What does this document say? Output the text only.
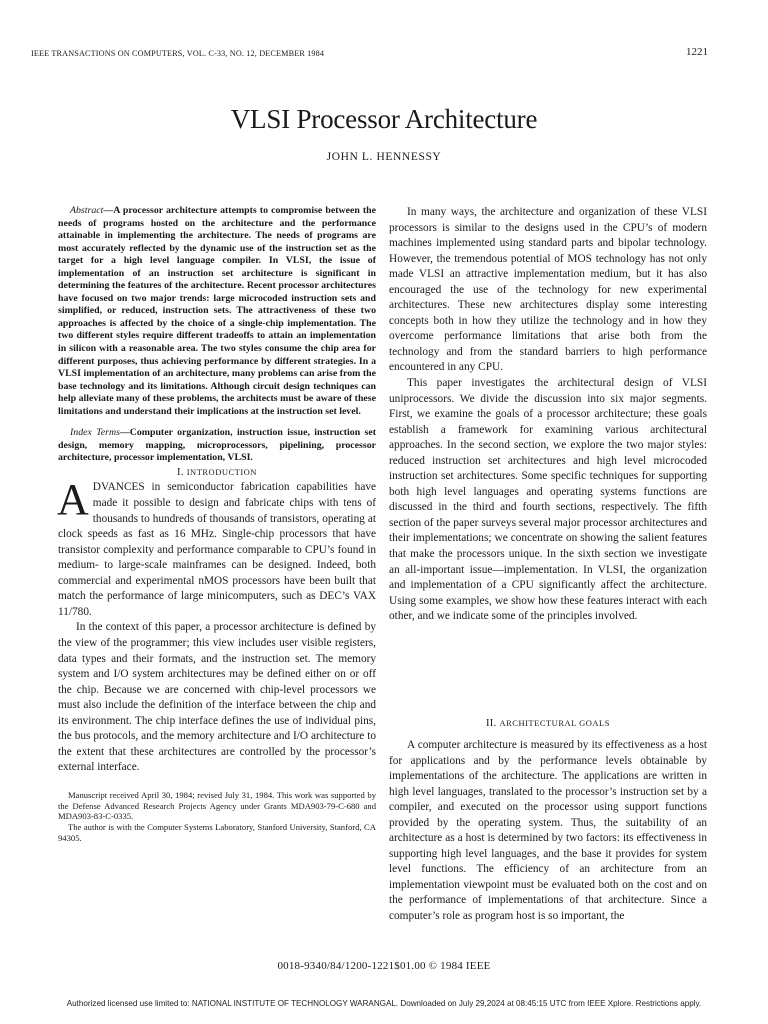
IEEE TRANSACTIONS ON COMPUTERS, VOL. C-33, NO. 12, DECEMBER 1984	1221
VLSI Processor Architecture
JOHN L. HENNESSY

Abstract—A processor architecture attempts to compromise between the needs of programs hosted on the architecture and the performance attainable in implementing the architecture. The needs of programs are most accurately reflected by the dynamic use of the instruction set as the target for a high level language compiler. In VLSI, the issue of implementation of an instruction set architecture is significant in determining the features of the architecture. Recent processor architectures have focused on two major trends: large microcoded instruction sets and simplified, or reduced, instruction sets. The attractiveness of these two approaches is affected by the choice of a single-chip implementation. The two different styles require different tradeoffs to attain an implementation in silicon with a reasonable area. The two styles consume the chip area for different purposes, thus achieving performance by different strategies. In a VLSI implementation of an architecture, many problems can arise from the base technology and its limitations. Although circuit design techniques can help alleviate many of these problems, the architects must be aware of these limitations and understand their implications at the instruction set level.

Index Terms—Computer organization, instruction issue, instruction set design, memory mapping, microprocessors, pipelining, processor architecture, processor implementation, VLSI.

I. INTRODUCTION

ADVANCES in semiconductor fabrication capabilities have made it possible to design and fabricate chips with tens of thousands to hundreds of thousands of transistors, operating at clock speeds as fast as 16 MHz. Single-chip processors that have transistor complexity and performance comparable to CPU’s found in medium- to large-scale mainframes can be designed. Indeed, both commercial and experimental nMOS processors have been built that match the performance of large minicomputers, such as DEC’s VAX 11/780.

In the context of this paper, a processor architecture is defined by the view of the programmer; this view includes user visible registers, data types and their formats, and the instruction set. The memory system and I/O system architectures may be defined either on or off the chip. Because we are concerned with chip-level processors we must also include the definition of the interface between the chip and its environment. The chip interface defines the use of individual pins, the bus protocols, and the memory architecture and I/O architecture to the extent that these architectures are controlled by the processor’s external interface.

Manuscript received April 30, 1984; revised July 31, 1984. This work was supported by the Defense Advanced Research Projects Agency under Grants MDA903-79-C-680 and MDA903-83-C-0335.

The author is with the Computer Systems Laboratory, Stanford University, Stanford, CA 94305.

In many ways, the architecture and organization of these VLSI processors is similar to the designs used in the CPU’s of modern machines implemented using standard parts and bipolar technology. However, the tremendous potential of MOS technology has not only made VLSI an attractive implementation medium, but it has also encouraged the use of the technology for new experimental architectures. These new architectures display some interesting concepts both in how they utilize the technology and in how they overcome performance limitations that arise both from the technology and from the standard barriers to high performance encountered in any CPU.

This paper investigates the architectural design of VLSI uniprocessors. We divide the discussion into six major segments. First, we examine the goals of a processor architecture; these goals establish a framework for examining various architectural approaches. In the second section, we explore the two major styles: reduced instruction set architectures and high level microcoded instruction set architectures. Some specific techniques for supporting both high level languages and operating systems functions are discussed in the third and fourth sections, respectively. The fifth section of the paper surveys several major processor architectures and their implementations; we concentrate on showing the salient features that make the processors unique. In the sixth section we investigate an all-important issue—implementation. In VLSI, the organization and implementation of a CPU significantly affect the architecture. Using some examples, we show how these features interact with each other, and we indicate some of the principles involved.

II. ARCHITECTURAL GOALS

A computer architecture is measured by its effectiveness as a host for applications and by the performance levels obtainable by implementations of the architecture. The applications are written in high level languages, translated to the processor’s instruction set by a compiler, and executed on the processor using support functions provided by the operating system. Thus, the suitability of an architecture as a host is determined by two factors: its effectiveness in supporting high level languages, and the base it provides for system level functions. The efficiency of an architecture from an implementation viewpoint must be evaluated both on the cost and on the performance of implementations of that architecture. Since a computer’s role as program host is so important, the

0018-9340/84/1200-1221$01.00 © 1984 IEEE
Authorized licensed use limited to: NATIONAL INSTITUTE OF TECHNOLOGY WARANGAL. Downloaded on July 29,2024 at 08:45:15 UTC from IEEE Xplore. Restrictions apply.
